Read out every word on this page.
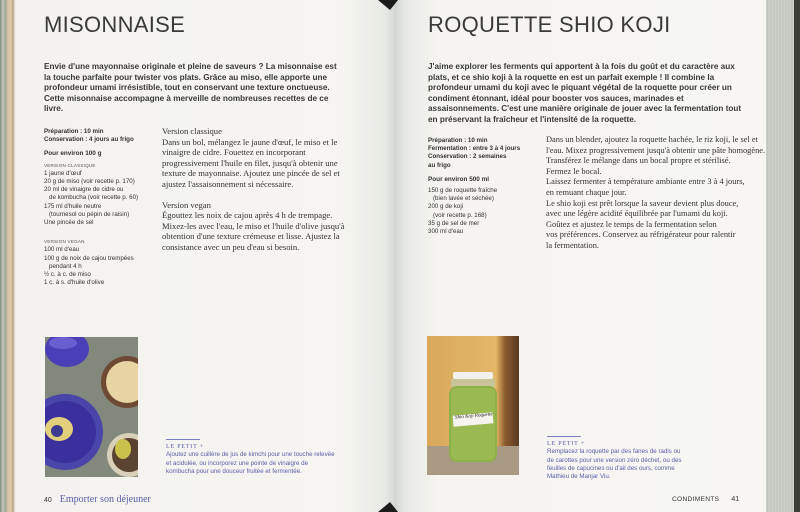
MISONNAISE

Envie d'une mayonnaise originale et pleine de saveurs ? La misonnaise est la touche parfaite pour twister vos plats. Grâce au miso, elle apporte une profondeur umami irrésistible, tout en conservant une texture onctueuse. Cette misonnaise accompagne à merveille de nombreuses recettes de ce livre.

Préparation : 10 min
Conservation : 4 jours au frigo
Pour environ 100 g
VERSION CLASSIQUE
1 jaune d'œuf
20 g de miso (voir recette p. 170)
20 ml de vinaigre de cidre ou
de kombucha (voir recette p. 60)
175 ml d'huile neutre
(tournesol ou pépin de raisin)
Une pincée de sel
VERSION VEGAN
100 ml d'eau
100 g de noix de cajou trempées
pendant 4 h
½ c. à c. de miso
1 c. à s. d'huile d'olive
Version classique
Dans un bol, mélangez le jaune d'œuf, le miso et le vinaigre de cidre. Fouettez en incorporant progressivement l'huile en filet, jusqu'à obtenir une texture de mayonnaise. Ajoutez une pincée de sel et ajustez l'assaisonnement si nécessaire.
Version vegan
Égouttez les noix de cajou après 4 h de trempage. Mixez-les avec l'eau, le miso et l'huile d'olive jusqu'à obtention d'une texture crémeuse et lisse. Ajustez la consistance avec un peu d'eau si besoin.
LE PETIT +
Ajoutez une cuillère de jus de kimchi pour une touche relevée et acidulée, ou incorporez une pointe de vinaigre de kombucha pour une douceur fruitée et fermentée.
40 Emporter son déjeuner
ROQUETTE SHIO KOJI

J'aime explorer les ferments qui apportent à la fois du goût et du caractère aux plats, et ce shio koji à la roquette en est un parfait exemple ! Il combine la profondeur umami du koji avec le piquant végétal de la roquette pour créer un condiment étonnant, idéal pour booster vos sauces, marinades et assaisonnements. C'est une manière originale de jouer avec la fermentation tout en préservant la fraîcheur et l'intensité de la roquette.

Préparation : 10 min
Fermentation : entre 3 à 4 jours
Conservation : 2 semaines au frigo
Pour environ 500 ml
150 g de roquette fraîche
(bien lavée et séchée)
200 g de koji
(voir recette p. 168)
35 g de sel de mer
300 ml d'eau
Dans un blender, ajoutez la roquette hachée, le riz koji, le sel et
l'eau. Mixez progressivement jusqu'à obtenir une pâte homogène.
Transférez le mélange dans un bocal propre et stérilisé.
Fermez le bocal.
Laissez fermenter à température ambiante entre 3 à 4 jours,
en remuant chaque jour.
Le shio koji est prêt lorsque la saveur devient plus douce,
avec une légère acidité équilibrée par l'umami du koji.
Goûtez et ajustez le temps de la fermentation selon
vos préférences. Conservez au réfrigérateur pour ralentir
la fermentation.
Shio Koji Roquette
LE PETIT +
Remplacez la roquette par des fanes de radis ou de carottes pour une version zéro déchet, ou des feuilles de capucines ou d'ail des ours, comme Mathieu de Manjar Viu.
CONDIMENTS 41
